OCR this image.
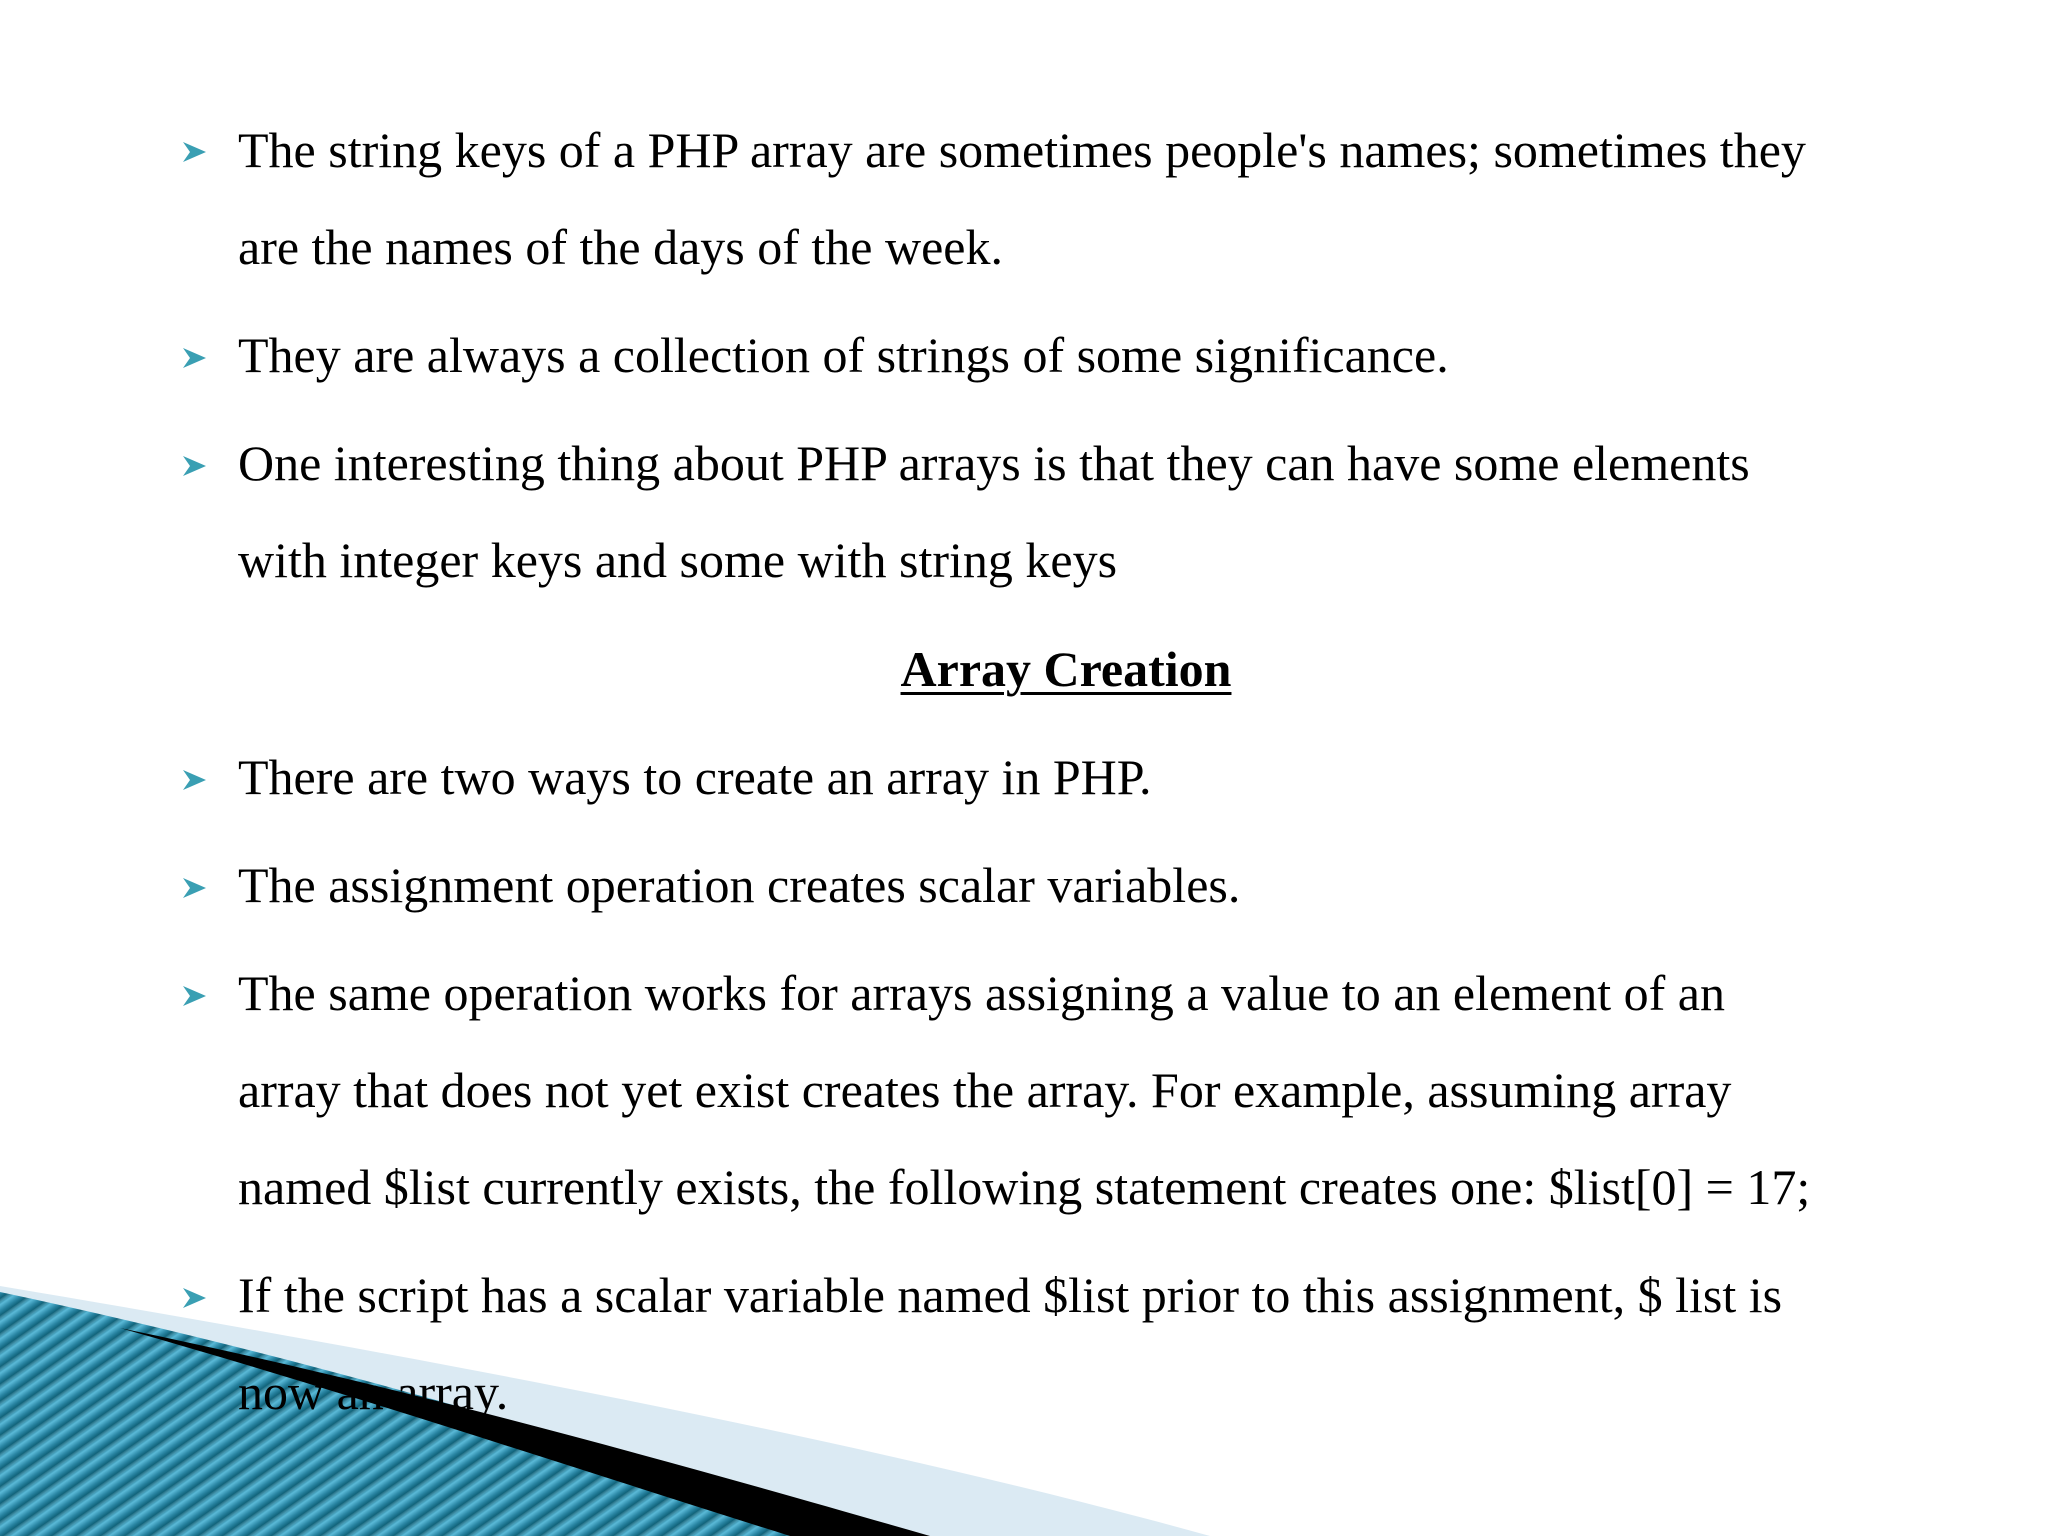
The string keys of a PHP array are sometimes people's names; sometimes they
are the names of the days of the week.
They are always a collection of strings of some significance.
One interesting thing about PHP arrays is that they can have some elements
with integer keys and some with string keys
Array Creation
There are two ways to create an array in PHP.
The assignment operation creates scalar variables.
The same operation works for arrays assigning a value to an element of an
array that does not yet exist creates the array. For example, assuming array
named $list currently exists, the following statement creates one: $list[0] = 17;
If the script has a scalar variable named $list prior to this assignment, $ list is
now an array.
